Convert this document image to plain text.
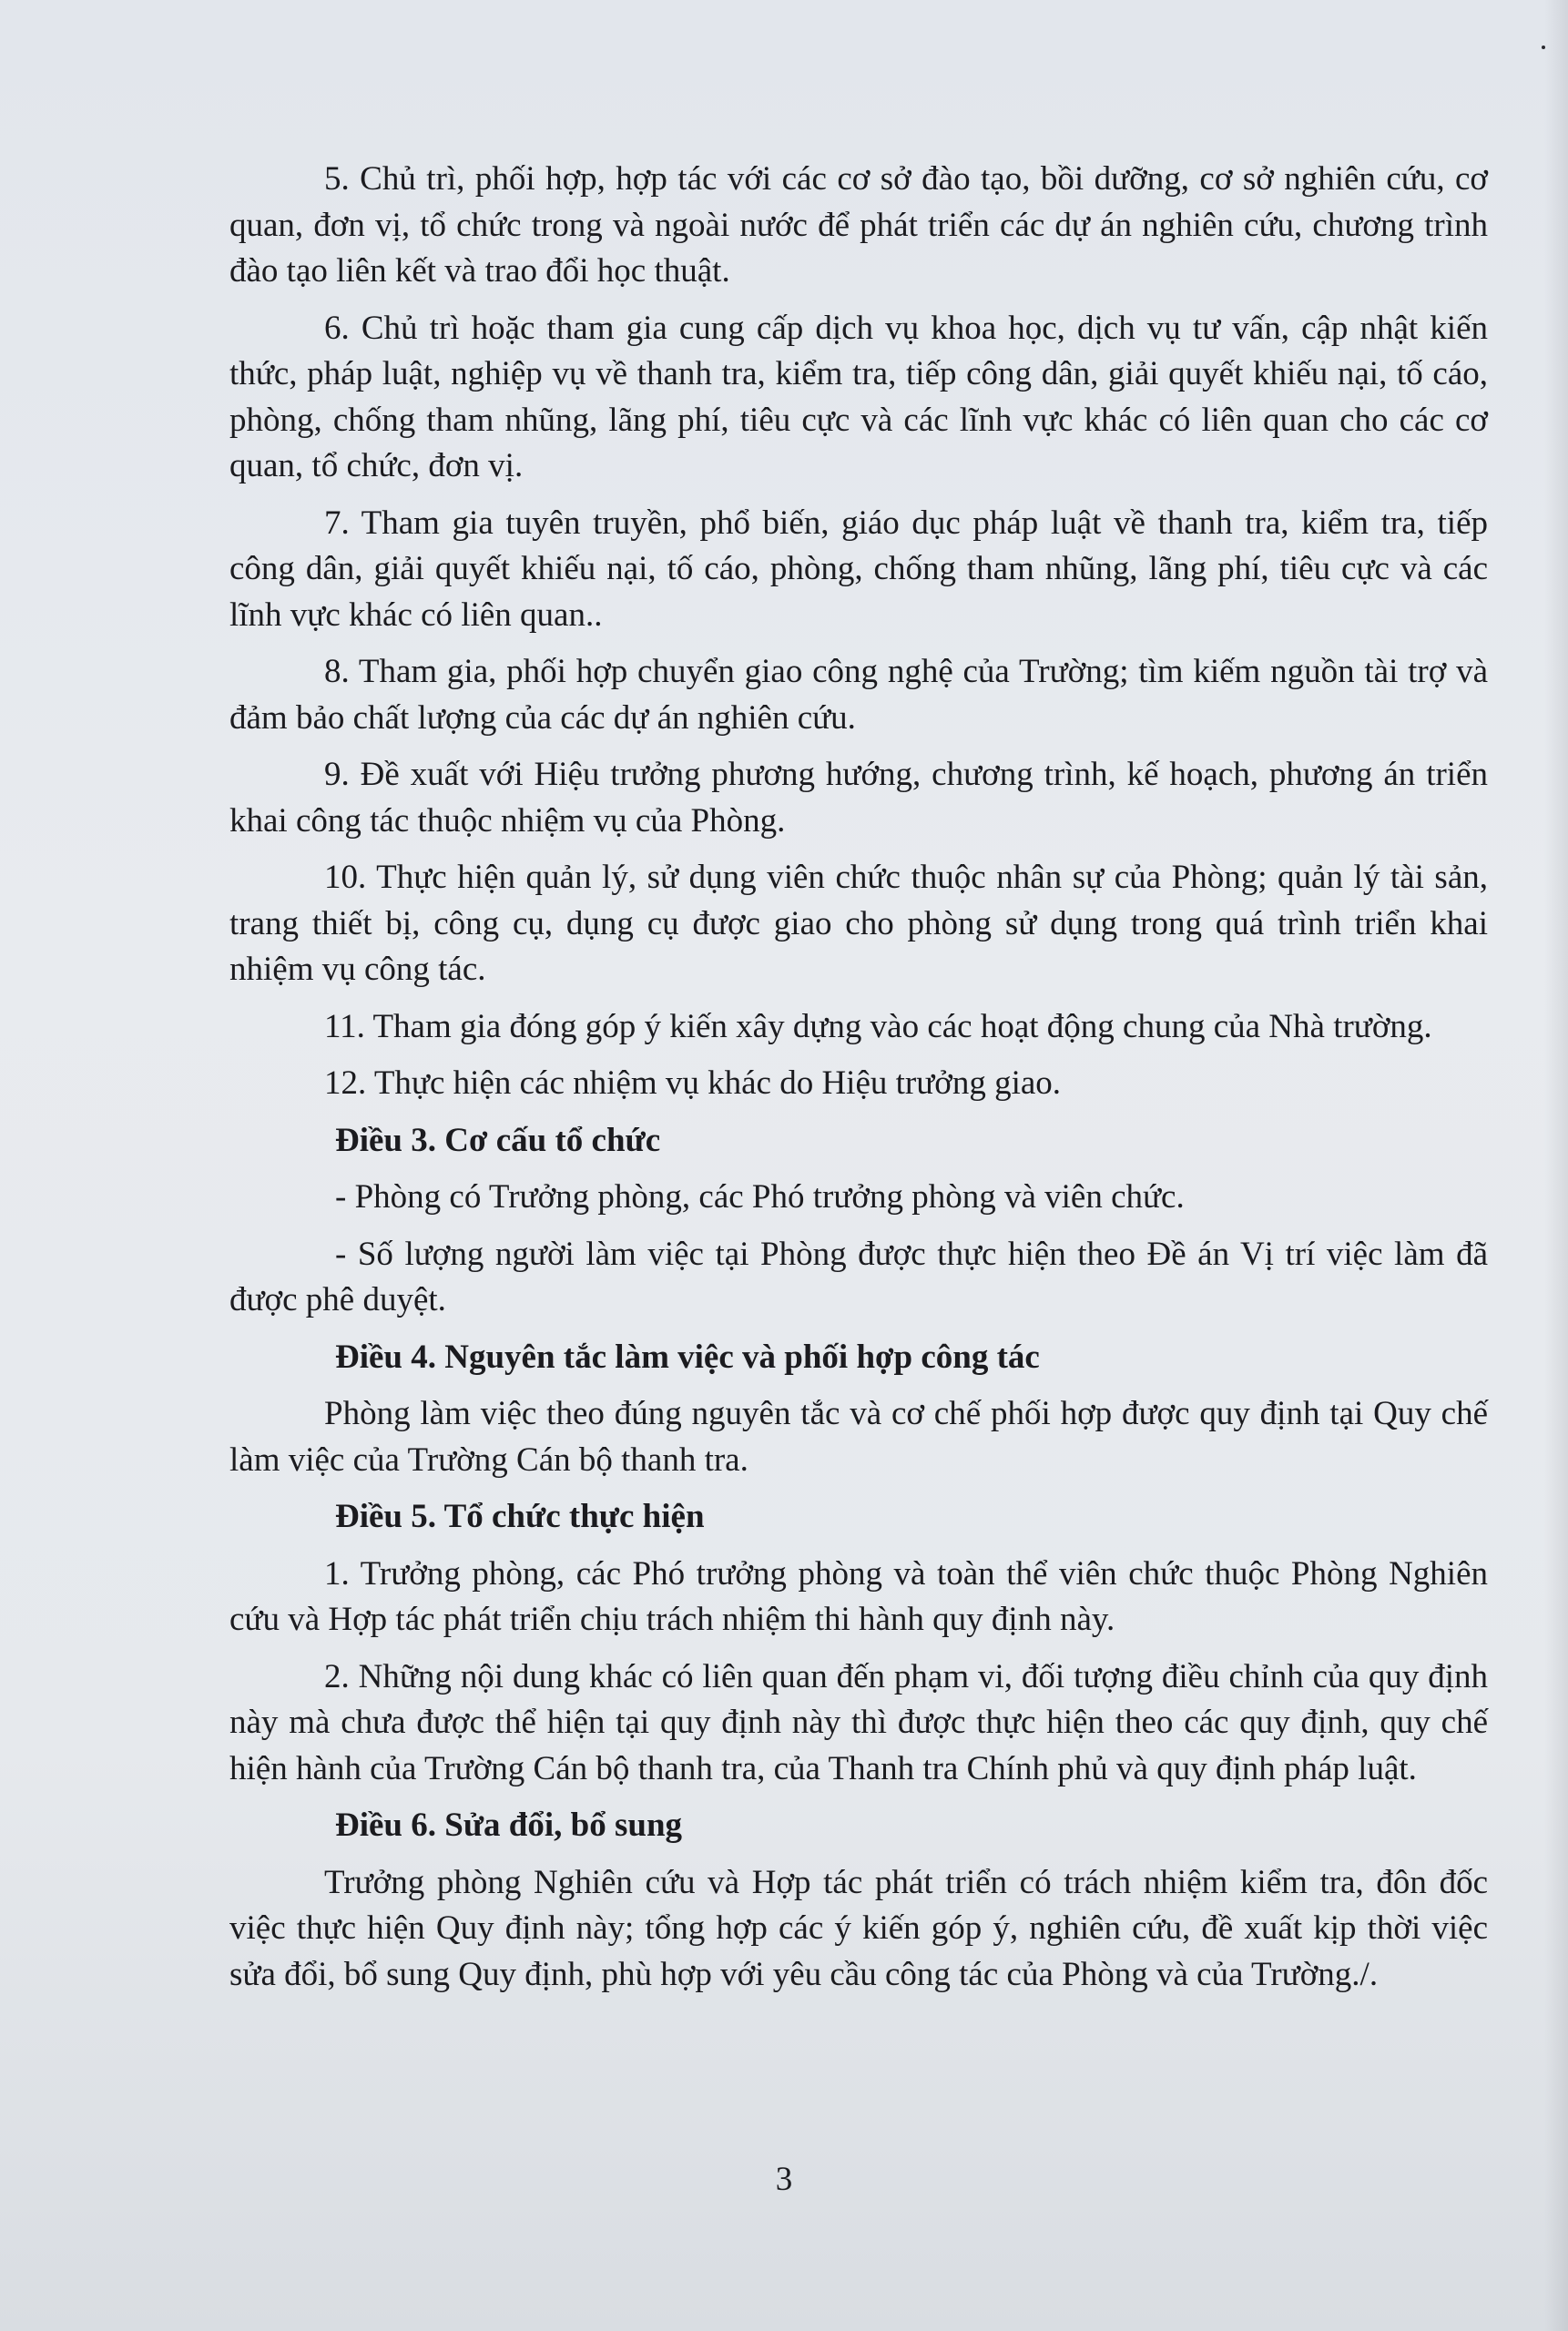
5. Chủ trì, phối hợp, hợp tác với các cơ sở đào tạo, bồi dưỡng, cơ sở nghiên cứu, cơ quan, đơn vị, tổ chức trong và ngoài nước để phát triển các dự án nghiên cứu, chương trình đào tạo liên kết và trao đổi học thuật.

6. Chủ trì hoặc tham gia cung cấp dịch vụ khoa học, dịch vụ tư vấn, cập nhật kiến thức, pháp luật, nghiệp vụ về thanh tra, kiểm tra, tiếp công dân, giải quyết khiếu nại, tố cáo, phòng, chống tham nhũng, lãng phí, tiêu cực và các lĩnh vực khác có liên quan cho các cơ quan, tổ chức, đơn vị.

7. Tham gia tuyên truyền, phổ biến, giáo dục pháp luật về thanh tra, kiểm tra, tiếp công dân, giải quyết khiếu nại, tố cáo, phòng, chống tham nhũng, lãng phí, tiêu cực và các lĩnh vực khác có liên quan..

8. Tham gia, phối hợp chuyển giao công nghệ của Trường; tìm kiếm nguồn tài trợ và đảm bảo chất lượng của các dự án nghiên cứu.

9. Đề xuất với Hiệu trưởng phương hướng, chương trình, kế hoạch, phương án triển khai công tác thuộc nhiệm vụ của Phòng.

10. Thực hiện quản lý, sử dụng viên chức thuộc nhân sự của Phòng; quản lý tài sản, trang thiết bị, công cụ, dụng cụ được giao cho phòng sử dụng trong quá trình triển khai nhiệm vụ công tác.

11. Tham gia đóng góp ý kiến xây dựng vào các hoạt động chung của Nhà trường.

12. Thực hiện các nhiệm vụ khác do Hiệu trưởng giao.

Điều 3. Cơ cấu tổ chức

- Phòng có Trưởng phòng, các Phó trưởng phòng và viên chức.

- Số lượng người làm việc tại Phòng được thực hiện theo Đề án Vị trí việc làm đã được phê duyệt.

Điều 4. Nguyên tắc làm việc và phối hợp công tác

Phòng làm việc theo đúng nguyên tắc và cơ chế phối hợp được quy định tại Quy chế làm việc của Trường Cán bộ thanh tra.

Điều 5. Tổ chức thực hiện

1. Trưởng phòng, các Phó trưởng phòng và toàn thể viên chức thuộc Phòng Nghiên cứu và Hợp tác phát triển chịu trách nhiệm thi hành quy định này.

2. Những nội dung khác có liên quan đến phạm vi, đối tượng điều chỉnh của quy định này mà chưa được thể hiện tại quy định này thì được thực hiện theo các quy định, quy chế hiện hành của Trường Cán bộ thanh tra, của Thanh tra Chính phủ và quy định pháp luật.

Điều 6. Sửa đổi, bổ sung

Trưởng phòng Nghiên cứu và Hợp tác phát triển có trách nhiệm kiểm tra, đôn đốc việc thực hiện Quy định này; tổng hợp các ý kiến góp ý, nghiên cứu, đề xuất kịp thời việc sửa đổi, bổ sung Quy định, phù hợp với yêu cầu công tác của Phòng và của Trường./.

3
